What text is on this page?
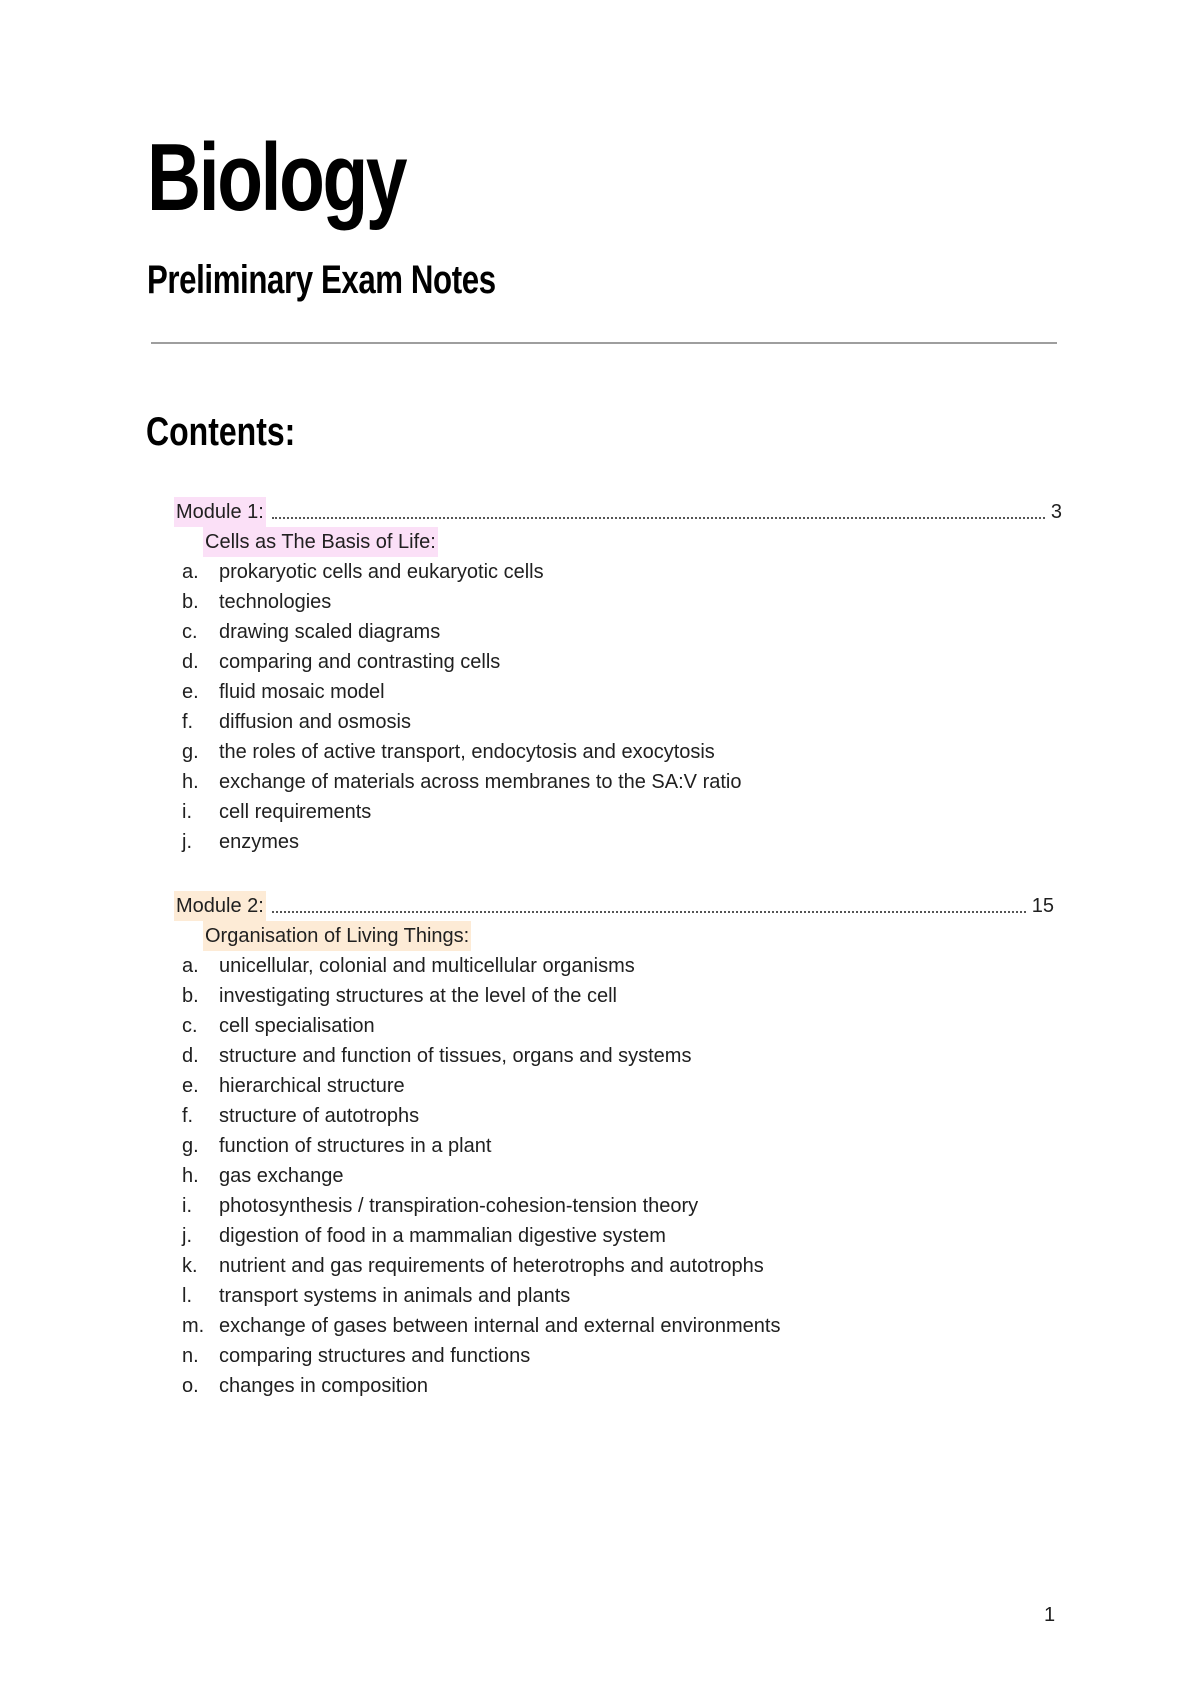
Biology
Preliminary Exam Notes
Contents:
Module 1:	3
Cells as The Basis of Life:
a.	prokaryotic cells and eukaryotic cells
b.	technologies
c.	drawing scaled diagrams
d.	comparing and contrasting cells
e.	fluid mosaic model
f.	diffusion and osmosis
g.	the roles of active transport, endocytosis and exocytosis
h.	exchange of materials across membranes to the SA:V ratio
i.	cell requirements
j.	enzymes
Module 2:	15
Organisation of Living Things:
a.	unicellular, colonial and multicellular organisms
b.	investigating structures at the level of the cell
c.	cell specialisation
d.	structure and function of tissues, organs and systems
e.	hierarchical structure
f.	structure of autotrophs
g.	function of structures in a plant
h.	gas exchange
i.	photosynthesis / transpiration-cohesion-tension theory
j.	digestion of food in a mammalian digestive system
k.	nutrient and gas requirements of heterotrophs and autotrophs
l.	transport systems in animals and plants
m. exchange of gases between internal and external environments
n.	comparing structures and functions
o.	changes in composition
1
